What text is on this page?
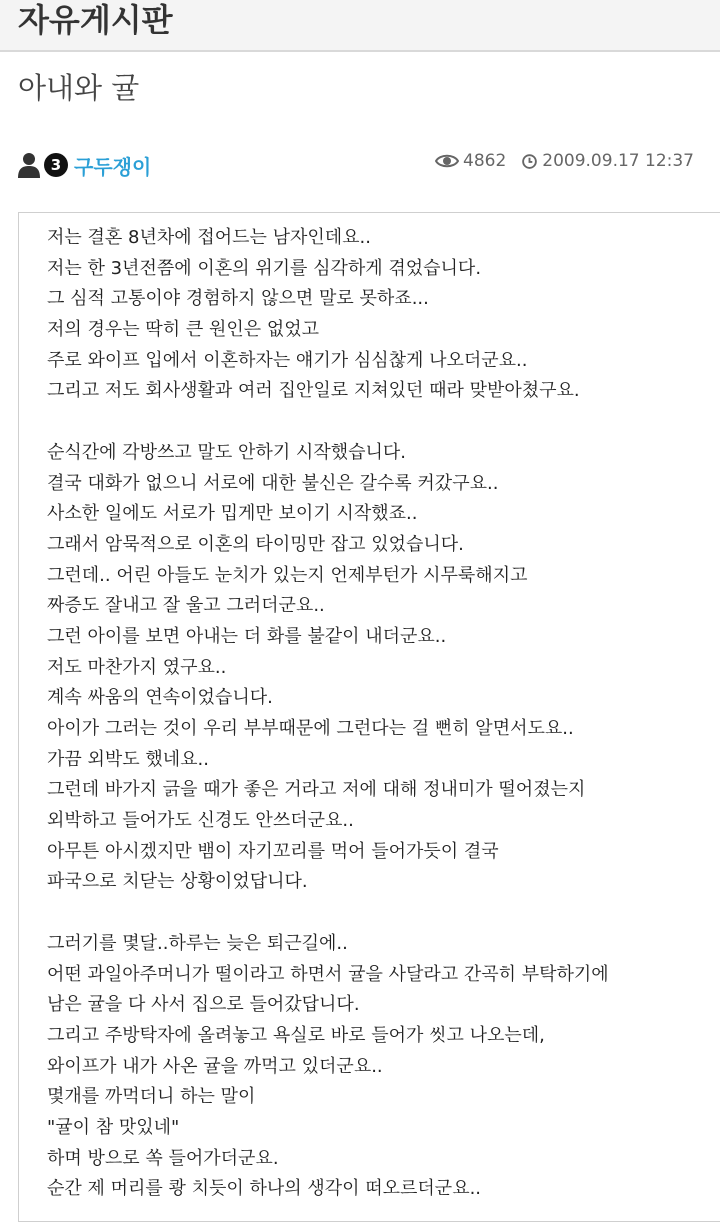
자유게시판
아내와 귤
3 구두쟁이	4862 2009.09.17 12:37
저는 결혼 8년차에 접어드는 남자인데요..
저는 한 3년전쯤에 이혼의 위기를 심각하게 겪었습니다.
그 심적 고통이야 경험하지 않으면 말로 못하죠...
저의 경우는 딱히 큰 원인은 없었고
주로 와이프 입에서 이혼하자는 얘기가 심심찮게 나오더군요..
그리고 저도 회사생활과 여러 집안일로 지쳐있던 때라 맞받아쳤구요.
순식간에 각방쓰고 말도 안하기 시작했습니다.
결국 대화가 없으니 서로에 대한 불신은 갈수록 커갔구요..
사소한 일에도 서로가 밉게만 보이기 시작했죠..
그래서 암묵적으로 이혼의 타이밍만 잡고 있었습니다.
그런데.. 어린 아들도 눈치가 있는지 언제부턴가 시무룩해지고
짜증도 잘내고 잘 울고 그러더군요..
그런 아이를 보면 아내는 더 화를 불같이 내더군요..
저도 마찬가지 였구요..
계속 싸움의 연속이었습니다.
아이가 그러는 것이 우리 부부때문에 그런다는 걸 뻔히 알면서도요..
가끔 외박도 했네요..
그런데 바가지 긁을 때가 좋은 거라고 저에 대해 정내미가 떨어졌는지
외박하고 들어가도 신경도 안쓰더군요..
아무튼 아시겠지만 뱀이 자기꼬리를 먹어 들어가듯이 결국
파국으로 치닫는 상황이었답니다.
그러기를 몇달..하루는 늦은 퇴근길에..
어떤 과일아주머니가 떨이라고 하면서 귤을 사달라고 간곡히 부탁하기에
남은 귤을 다 사서 집으로 들어갔답니다.
그리고 주방탁자에 올려놓고 욕실로 바로 들어가 씻고 나오는데,
와이프가 내가 사온 귤을 까먹고 있더군요..
몇개를 까먹더니 하는 말이
"귤이 참 맛있네"
하며 방으로 쏙 들어가더군요.
순간 제 머리를 쾅 치듯이 하나의 생각이 떠오르더군요..
